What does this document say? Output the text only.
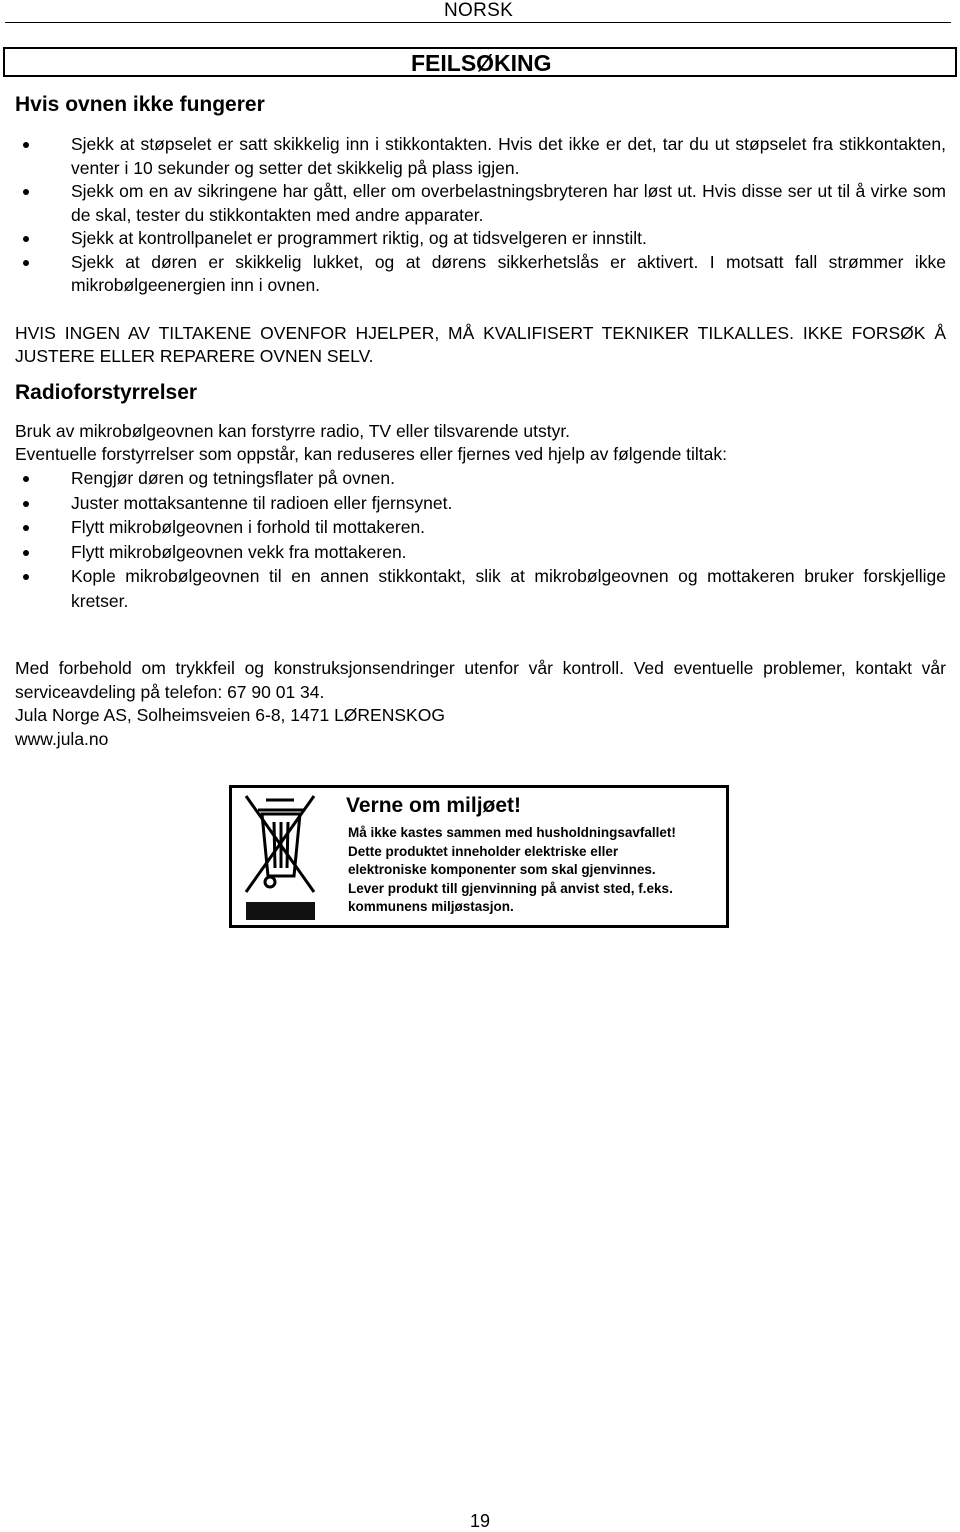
NORSK
FEILSØKING
Hvis ovnen ikke fungerer
Sjekk at støpselet er satt skikkelig inn i stikkontakten. Hvis det ikke er det, tar du ut støpselet fra stikkontakten, venter i 10 sekunder og setter det skikkelig på plass igjen.
Sjekk om en av sikringene har gått, eller om overbelastningsbryteren har løst ut. Hvis disse ser ut til å virke som de skal, tester du stikkontakten med andre apparater.
Sjekk at kontrollpanelet er programmert riktig, og at tidsvelgeren er innstilt.
Sjekk at døren er skikkelig lukket, og at dørens sikkerhetslås er aktivert. I motsatt fall strømmer ikke mikrobølgeenergien inn i ovnen.
HVIS INGEN AV TILTAKENE OVENFOR HJELPER, MÅ KVALIFISERT TEKNIKER TILKALLES. IKKE FORSØK Å JUSTERE ELLER REPARERE OVNEN SELV.
Radioforstyrrelser
Bruk av mikrobølgeovnen kan forstyrre radio, TV eller tilsvarende utstyr.
Eventuelle forstyrrelser som oppstår, kan reduseres eller fjernes ved hjelp av følgende tiltak:
Rengjør døren og tetningsflater på ovnen.
Juster mottaksantenne til radioen eller fjernsynet.
Flytt mikrobølgeovnen i forhold til mottakeren.
Flytt mikrobølgeovnen vekk fra mottakeren.
Kople mikrobølgeovnen til en annen stikkontakt, slik at mikrobølgeovnen og mottakeren bruker forskjellige kretser.
Med forbehold om trykkfeil og konstruksjonsendringer utenfor vår kontroll. Ved eventuelle problemer, kontakt vår serviceavdeling på telefon: 67 90 01 34.
Jula Norge AS, Solheimsveien 6-8, 1471 LØRENSKOG
www.jula.no
Verne om miljøet!
Må ikke kastes sammen med husholdningsavfallet!
Dette produktet inneholder elektriske eller
elektroniske komponenter som skal gjenvinnes.
Lever produkt till gjenvinning på anvist sted, f.eks.
kommunens miljøstasjon.
19
